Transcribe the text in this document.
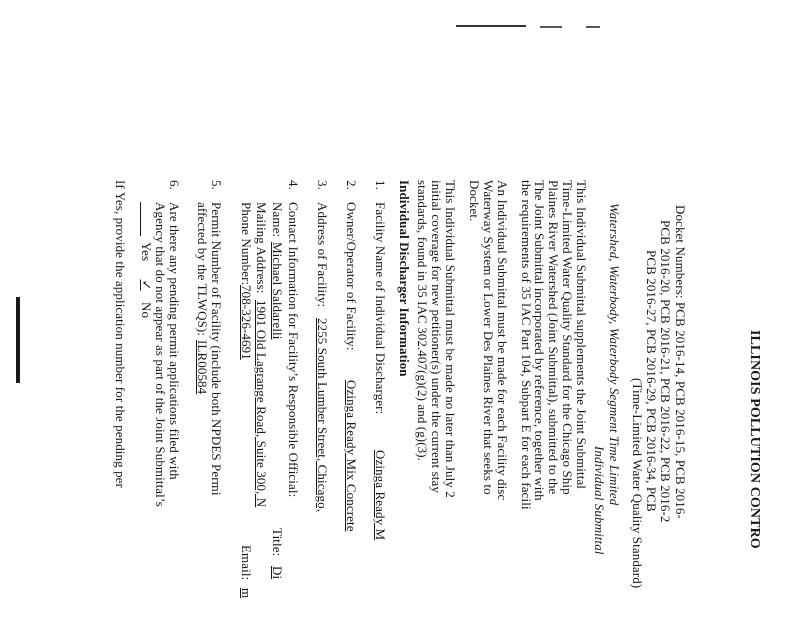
ILLINOIS POLLUTION CONTRO
Docket Numbers: PCB 2016-14, PCB 2016-15, PCB 2016-
PCB 2016-20, PCB 2016-21, PCB 2016-22, PCB 2016-2
PCB 2016-27, PCB 2016-29, PCB 2016-34, PCB
(Time-Limited Water Quality Standard)
Watershed, Waterbody, Waterbody Segment Time Limited
Individual Submittal
This Individual Submittal supplements the Joint Submittal
Time-Limited Water Quality Standard for the Chicago Ship
Plaines River Watershed (Joint Submittal), submitted to the
The Joint Submittal incorporated by reference, together with
the requirements of 35 IAC Part 104, Subpart E for each facili
An Individual Submittal must be made for each Facility disc
Waterway System or Lower Des Plaines River that seeks to
Docket.
This Individual Submittal must be made no later than July 2
initial coverage for new petitioner(s) under the current stay
standards, found in 35 IAC 302.407(g)(2) and (g)(3).
Individual Discharger Information
1.
Facility Name of Individual Discharger:
Ozinga Ready M
2.
Owner/Operator of Facility:
Ozinga Ready Mix Concrete
3.
Address of Facility:
2255 South Lumber Street, Chicago,
4.
Contact Information for Facility’s Responsible Official:
Name:
Michael Saldarelli
Title:
Di
Mailing Address:
1901 Old Lagrange Road, Suite 300, N
Phone Number:
708-326-4691
Email:
m
5.
Permit Number of Facility (include both NPDES Permi
affected by the TLWQS):
ILR00584
6.
Are there any pending permit applications filed with
Agency that do not appear as part of the Joint Submittal’s
Yes
✓
No
If Yes, provide the application number for the pending per
